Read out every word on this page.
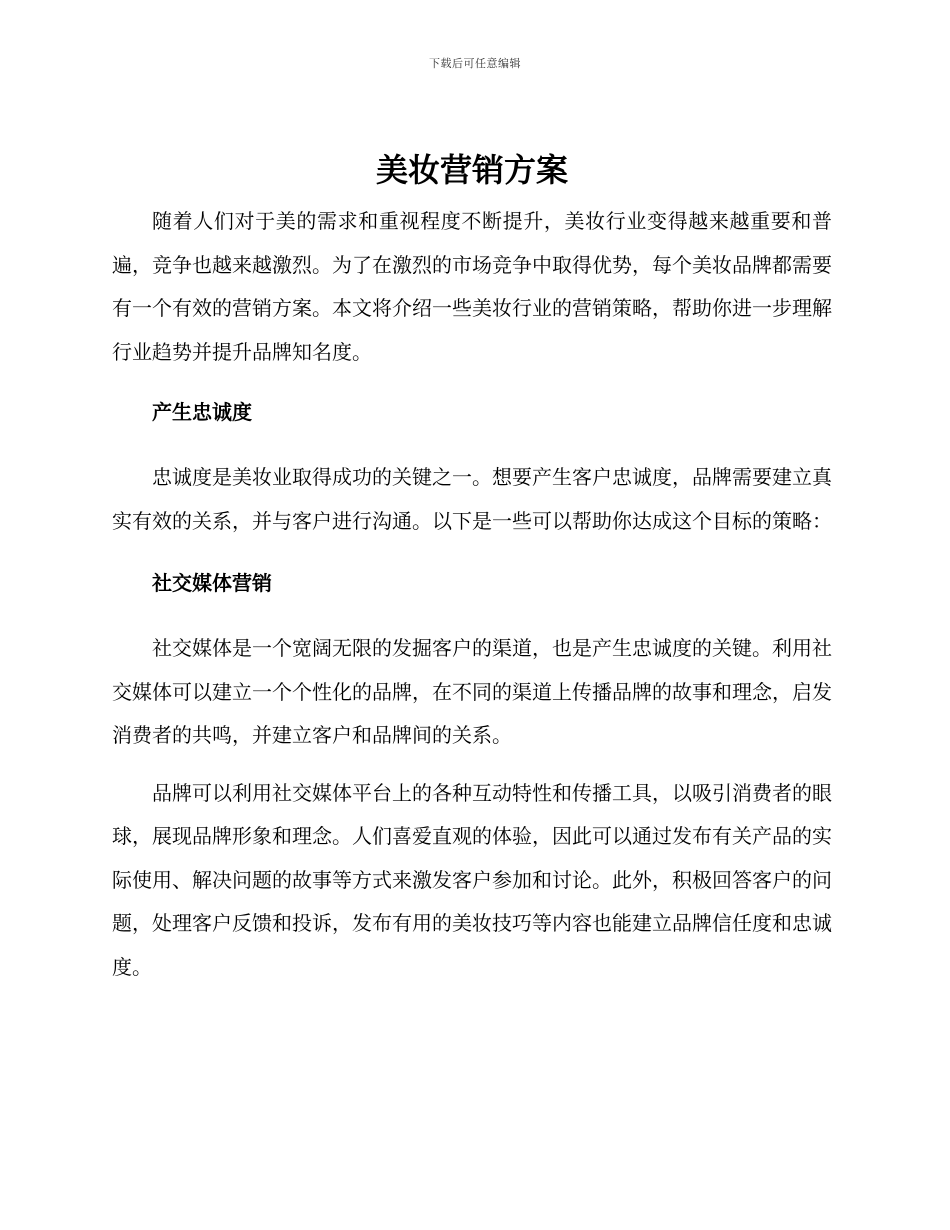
下载后可任意编辑
美妆营销方案

随着人们对于美的需求和重视程度不断提升，美妆行业变得越来越重要和普遍，竞争也越来越激烈。为了在激烈的市场竞争中取得优势，每个美妆品牌都需要有一个有效的营销方案。本文将介绍一些美妆行业的营销策略，帮助你进一步理解行业趋势并提升品牌知名度。

产生忠诚度

忠诚度是美妆业取得成功的关键之一。想要产生客户忠诚度，品牌需要建立真实有效的关系，并与客户进行沟通。以下是一些可以帮助你达成这个目标的策略：

社交媒体营销

社交媒体是一个宽阔无限的发掘客户的渠道，也是产生忠诚度的关键。利用社交媒体可以建立一个个性化的品牌，在不同的渠道上传播品牌的故事和理念，启发消费者的共鸣，并建立客户和品牌间的关系。

品牌可以利用社交媒体平台上的各种互动特性和传播工具，以吸引消费者的眼球，展现品牌形象和理念。人们喜爱直观的体验，因此可以通过发布有关产品的实际使用、解决问题的故事等方式来激发客户参加和讨论。此外，积极回答客户的问题，处理客户反馈和投诉，发布有用的美妆技巧等内容也能建立品牌信任度和忠诚度。
